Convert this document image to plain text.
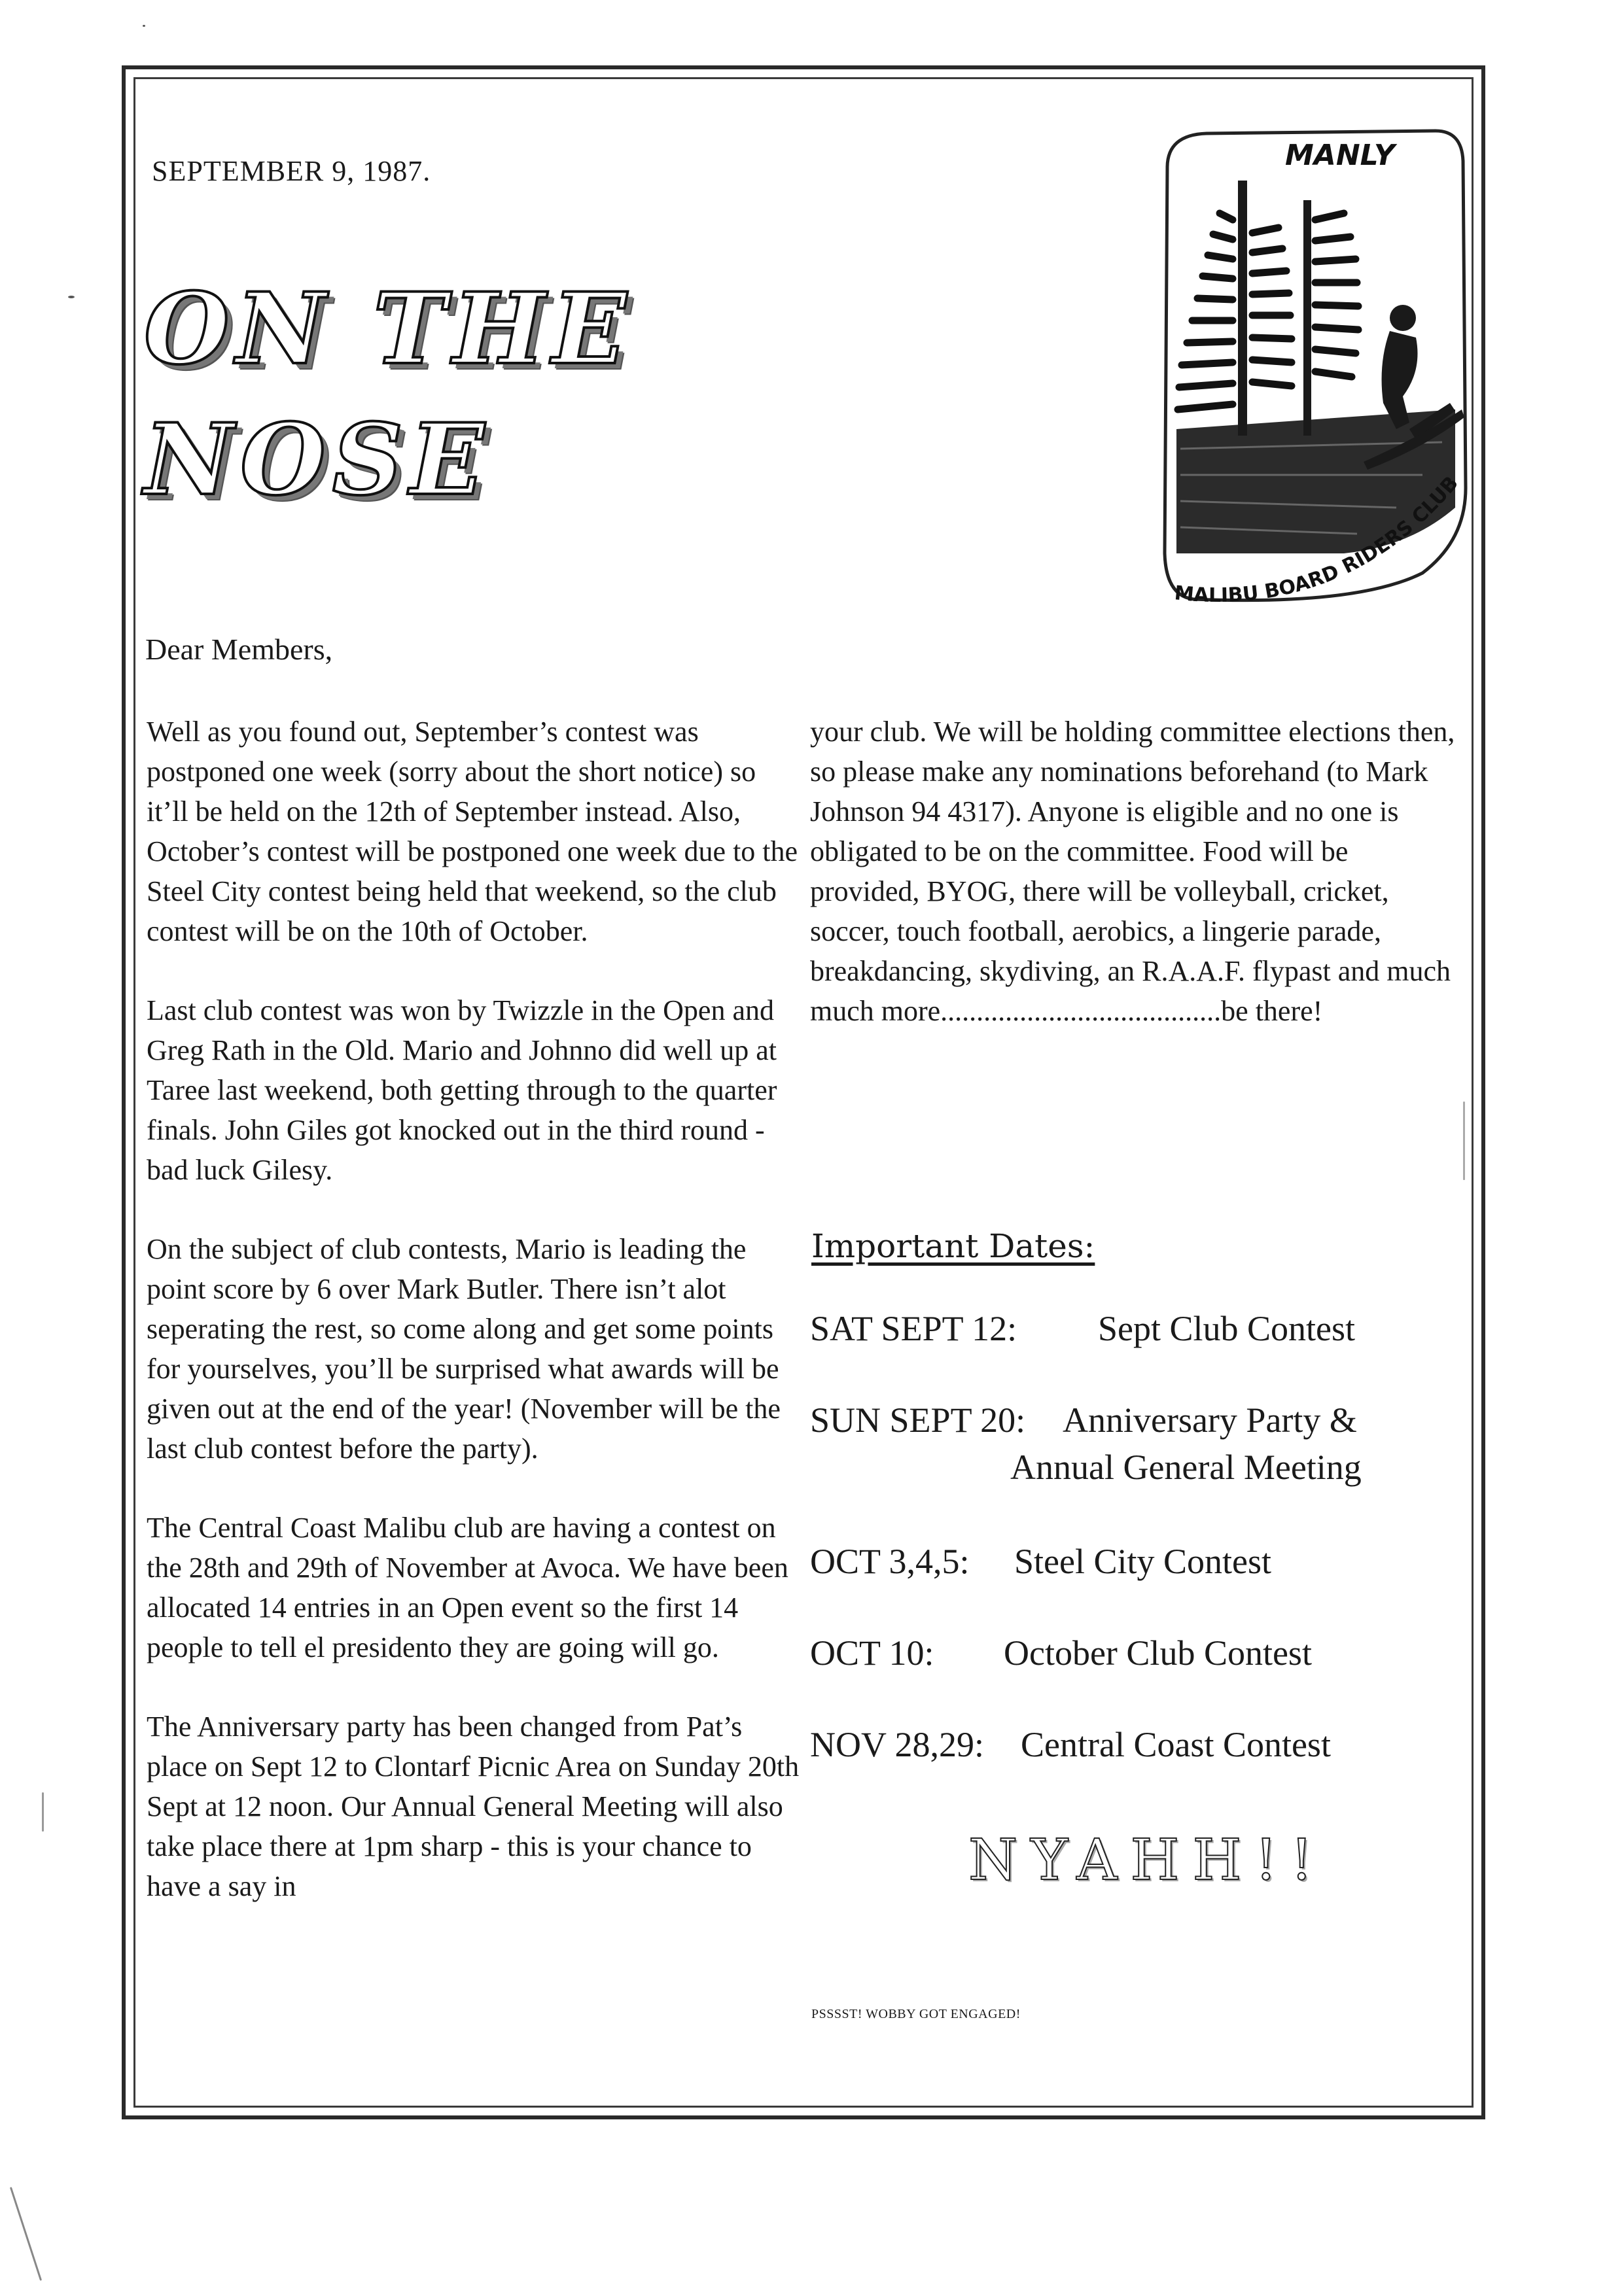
SEPTEMBER 9, 1987.
ON THE
NOSE
MANLY
MALIBU BOARD RIDERS CLUB
Dear Members,

Well as you found out, September’s contest was postponed one week (sorry about the short notice) so it’ll be held on the 12th of September instead. Also, October’s contest will be postponed one week due to the Steel City contest being held that weekend, so the club contest will be on the 10th of October.

Last club contest was won by Twizzle in the Open and Greg Rath in the Old. Mario and Johnno did well up at Taree last weekend, both getting through to the quarter finals. John Giles got knocked out in the third round - bad luck Gilesy.

On the subject of club contests, Mario is leading the point score by 6 over Mark Butler. There isn’t alot seperating the rest, so come along and get some points for yourselves, you’ll be surprised what awards will be given out at the end of the year! (November will be the last club contest before the party).

The Central Coast Malibu club are having a contest on the 28th and 29th of November at Avoca. We have been allocated 14 entries in an Open event so the first 14 people to tell el presidento they are going will go.

The Anniversary party has been changed from Pat’s place on Sept 12 to Clontarf Picnic Area on Sunday 20th Sept at 12 noon. Our Annual General Meeting will also take place there at 1pm sharp - this is your chance to have a say in

your club. We will be holding committee elections then, so please make any nominations beforehand (to Mark Johnson 94 4317). Anyone is eligible and no one is obligated to be on the committee. Food will be provided, BYOG, there will be volleyball, cricket, soccer, touch football, aerobics, a lingerie parade, breakdancing, skydiving, an R.A.A.F. flypast and much much more.......................................be there!

Important Dates:
SAT SEPT 12: Sept Club Contest
SUN SEPT 20: Anniversary Party &
Annual General Meeting
OCT 3,4,5: Steel City Contest
OCT 10: October Club Contest
NOV 28,29: Central Coast Contest
NYAHH!!
PSSSST! WOBBY GOT ENGAGED!
